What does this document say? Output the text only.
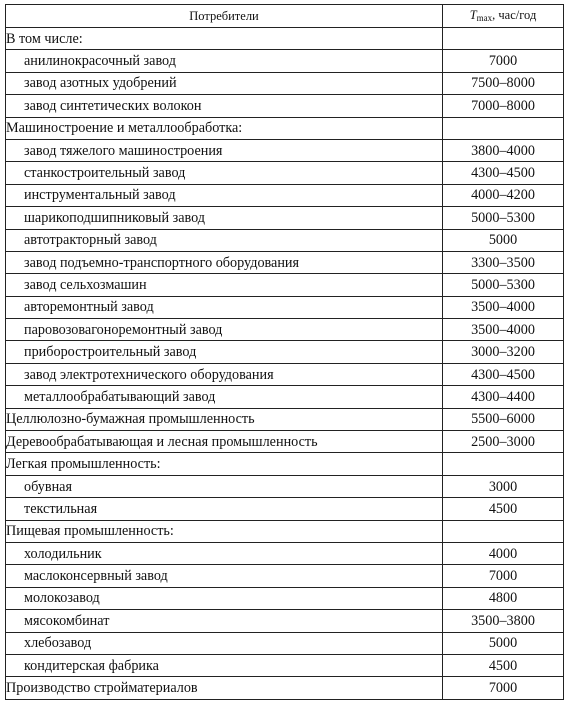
Потребители	Tmax, час/год
В том числе:	
анилинокрасочный завод	7000
завод азотных удобрений	7500–8000
завод синтетических волокон	7000–8000
Машиностроение и металлообработка:	
завод тяжелого машиностроения	3800–4000
станкостроительный завод	4300–4500
инструментальный завод	4000–4200
шарикоподшипниковый завод	5000–5300
автотракторный завод	5000
завод подъемно-транспортного оборудования	3300–3500
завод сельхозмашин	5000–5300
авторемонтный завод	3500–4000
паровозовагоноремонтный завод	3500–4000
приборостроительный завод	3000–3200
завод электротехнического оборудования	4300–4500
металлообрабатывающий завод	4300–4400
Целлюлозно-бумажная промышленность	5500–6000
Деревообрабатывающая и лесная промышленность	2500–3000
Легкая промышленность:	
обувная	3000
текстильная	4500
Пищевая промышленность:	
холодильник	4000
маслоконсервный завод	7000
молокозавод	4800
мясокомбинат	3500–3800
хлебозавод	5000
кондитерская фабрика	4500
Производство стройматериалов	7000
